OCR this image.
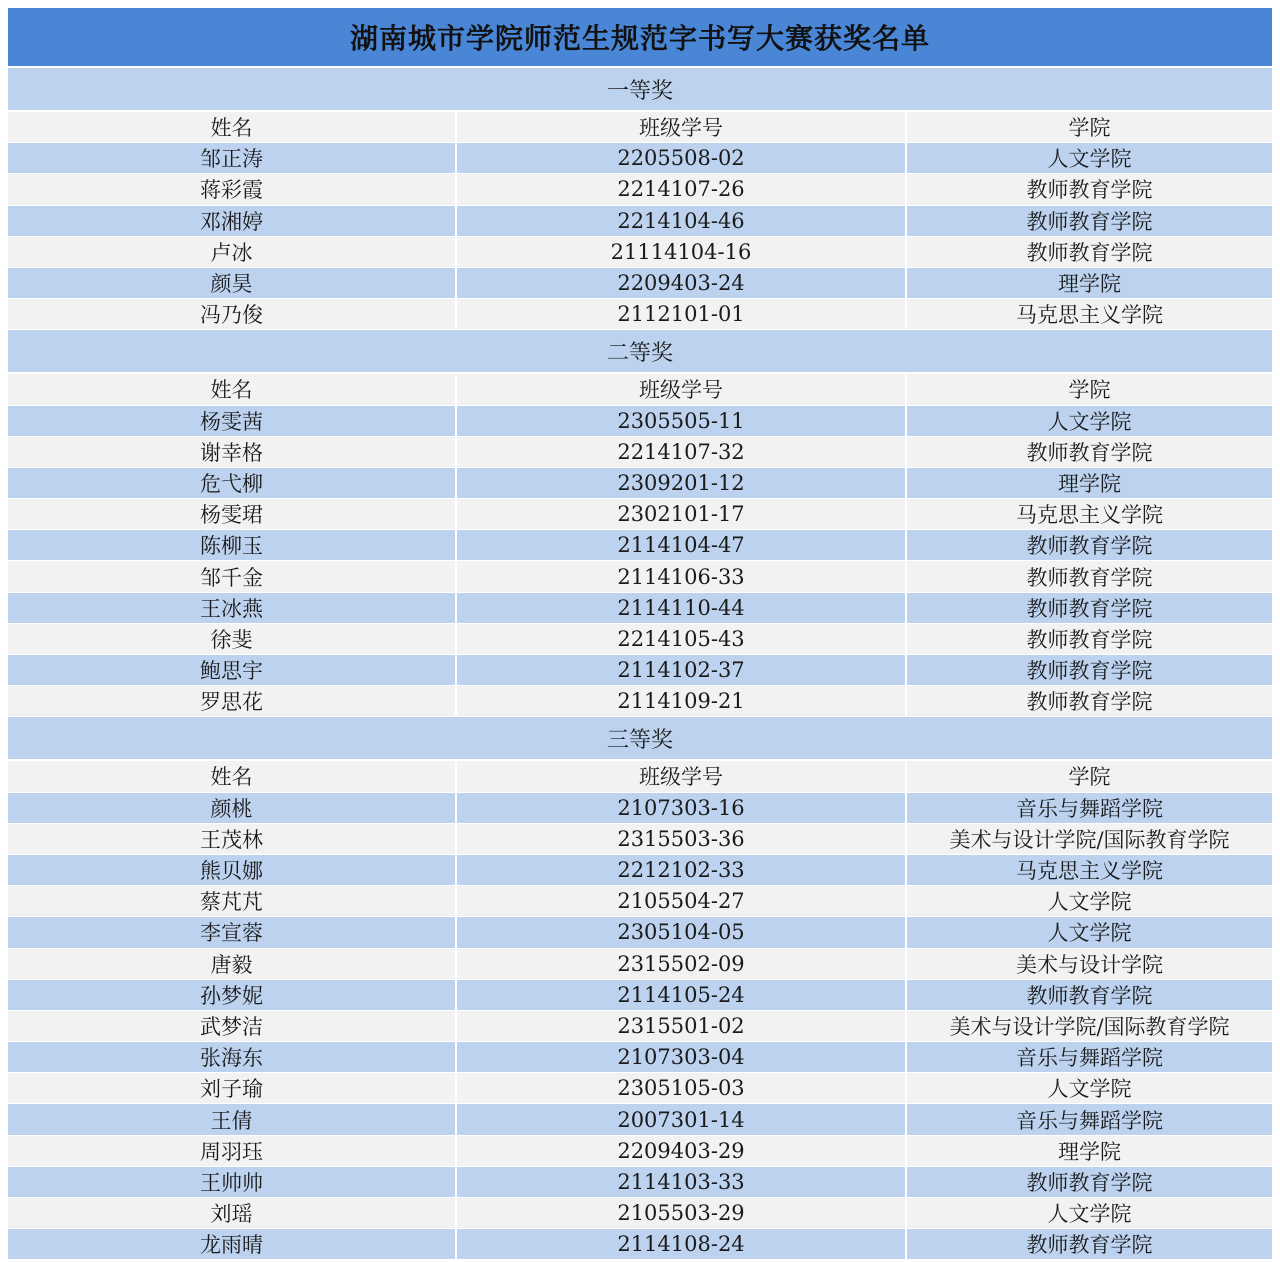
湖南城市学院师范生规范字书写大赛获奖名单
一等奖
姓名	班级学号	学院
邹正涛	2205508-02	人文学院
蒋彩霞	2214107-26	教师教育学院
邓湘婷	2214104-46	教师教育学院
卢冰	21114104-16	教师教育学院
颜昊	2209403-24	理学院
冯乃俊	2112101-01	马克思主义学院
二等奖
姓名	班级学号	学院
杨雯茜	2305505-11	人文学院
谢幸格	2214107-32	教师教育学院
危弋柳	2309201-12	理学院
杨雯珺	2302101-17	马克思主义学院
陈柳玉	2114104-47	教师教育学院
邹千金	2114106-33	教师教育学院
王冰燕	2114110-44	教师教育学院
徐斐	2214105-43	教师教育学院
鲍思宇	2114102-37	教师教育学院
罗思花	2114109-21	教师教育学院
三等奖
姓名	班级学号	学院
颜桃	2107303-16	音乐与舞蹈学院
王茂林	2315503-36	美术与设计学院/国际教育学院
熊贝娜	2212102-33	马克思主义学院
蔡芃芃	2105504-27	人文学院
李宣蓉	2305104-05	人文学院
唐毅	2315502-09	美术与设计学院
孙梦妮	2114105-24	教师教育学院
武梦洁	2315501-02	美术与设计学院/国际教育学院
张海东	2107303-04	音乐与舞蹈学院
刘子瑜	2305105-03	人文学院
王倩	2007301-14	音乐与舞蹈学院
周羽珏	2209403-29	理学院
王帅帅	2114103-33	教师教育学院
刘瑶	2105503-29	人文学院
龙雨晴	2114108-24	教师教育学院
